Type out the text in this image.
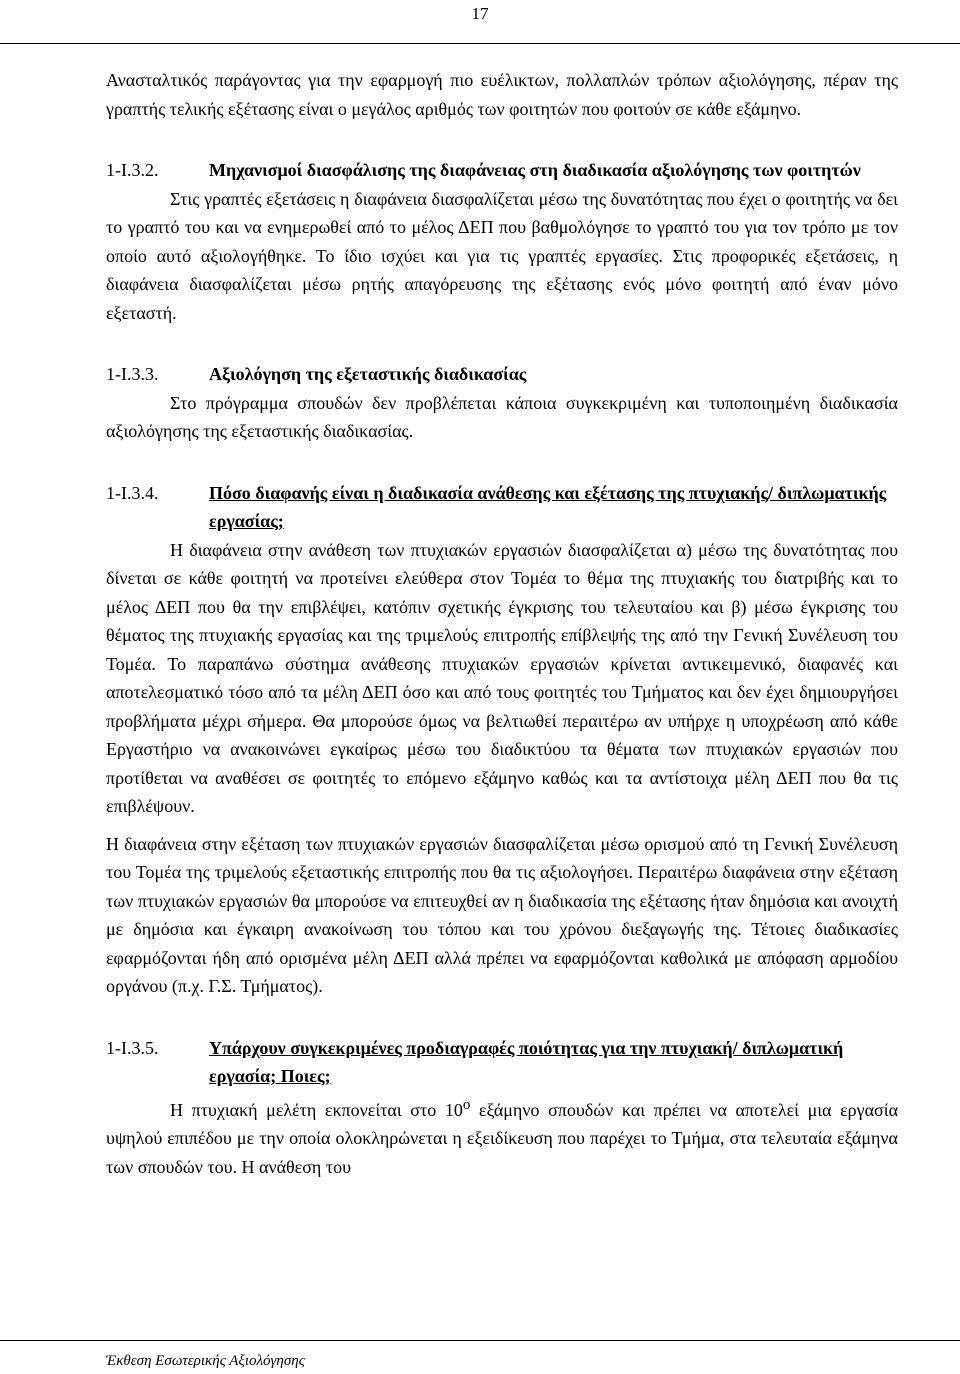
17

Ανασταλτικός παράγοντας για την εφαρμογή πιο ευέλικτων, πολλαπλών τρόπων αξιολόγησης, πέραν της γραπτής τελικής εξέτασης είναι ο μεγάλος αριθμός των φοιτητών που φοιτούν σε κάθε εξάμηνο.

1-Ι.3.2.	Μηχανισμοί διασφάλισης της διαφάνειας στη διαδικασία αξιολόγησης των φοιτητών

Στις γραπτές εξετάσεις η διαφάνεια διασφαλίζεται μέσω της δυνατότητας που έχει ο φοιτητής να δει το γραπτό του και να ενημερωθεί από το μέλος ΔΕΠ που βαθμολόγησε το γραπτό του για τον τρόπο με τον οποίο αυτό αξιολογήθηκε. Το ίδιο ισχύει και για τις γραπτές εργασίες. Στις προφορικές εξετάσεις, η διαφάνεια διασφαλίζεται μέσω ρητής απαγόρευσης της εξέτασης ενός μόνο φοιτητή από έναν μόνο εξεταστή.

1-Ι.3.3.	Αξιολόγηση της εξεταστικής διαδικασίας

Στο πρόγραμμα σπουδών δεν προβλέπεται κάποια συγκεκριμένη και τυποποιημένη διαδικασία αξιολόγησης της εξεταστικής διαδικασίας.

1-Ι.3.4.	Πόσο διαφανής είναι η διαδικασία ανάθεσης και εξέτασης της πτυχιακής/ διπλωματικής εργασίας;

Η διαφάνεια στην ανάθεση των πτυχιακών εργασιών διασφαλίζεται α) μέσω της δυνατότητας που δίνεται σε κάθε φοιτητή να προτείνει ελεύθερα στον Τομέα το θέμα της πτυχιακής του διατριβής και το μέλος ΔΕΠ που θα την επιβλέψει, κατόπιν σχετικής έγκρισης του τελευταίου και β) μέσω έγκρισης του θέματος της πτυχιακής εργασίας και της τριμελούς επιτροπής επίβλεψής της από την Γενική Συνέλευση του Τομέα. Το παραπάνω σύστημα ανάθεσης πτυχιακών εργασιών κρίνεται αντικειμενικό, διαφανές και αποτελεσματικό τόσο από τα μέλη ΔΕΠ όσο και από τους φοιτητές του Τμήματος και δεν έχει δημιουργήσει προβλήματα μέχρι σήμερα. Θα μπορούσε όμως να βελτιωθεί περαιτέρω αν υπήρχε η υποχρέωση από κάθε Εργαστήριο να ανακοινώνει εγκαίρως μέσω του διαδικτύου τα θέματα των πτυχιακών εργασιών που προτίθεται να αναθέσει σε φοιτητές το επόμενο εξάμηνο καθώς και τα αντίστοιχα μέλη ΔΕΠ που θα τις επιβλέψουν.

Η διαφάνεια στην εξέταση των πτυχιακών εργασιών διασφαλίζεται μέσω ορισμού από τη Γενική Συνέλευση του Τομέα της τριμελούς εξεταστικής επιτροπής που θα τις αξιολογήσει. Περαιτέρω διαφάνεια στην εξέταση των πτυχιακών εργασιών θα μπορούσε να επιτευχθεί αν η διαδικασία της εξέτασης ήταν δημόσια και ανοιχτή με δημόσια και έγκαιρη ανακοίνωση του τόπου και του χρόνου διεξαγωγής της. Τέτοιες διαδικασίες εφαρμόζονται ήδη από ορισμένα μέλη ΔΕΠ αλλά πρέπει να εφαρμόζονται καθολικά με απόφαση αρμοδίου οργάνου (π.χ. Γ.Σ. Τμήματος).

1-Ι.3.5.	Υπάρχουν συγκεκριμένες προδιαγραφές ποιότητας για την πτυχιακή/ διπλωματική εργασία; Ποιες;

Η πτυχιακή μελέτη εκπονείται στο $10^o$ εξάμηνο σπουδών και πρέπει να αποτελεί μια εργασία υψηλού επιπέδου με την οποία ολοκληρώνεται η εξειδίκευση που παρέχει το Τμήμα, στα τελευταία εξάμηνα των σπουδών του. Η ανάθεση του

Έκθεση Εσωτερικής Αξιολόγησης
